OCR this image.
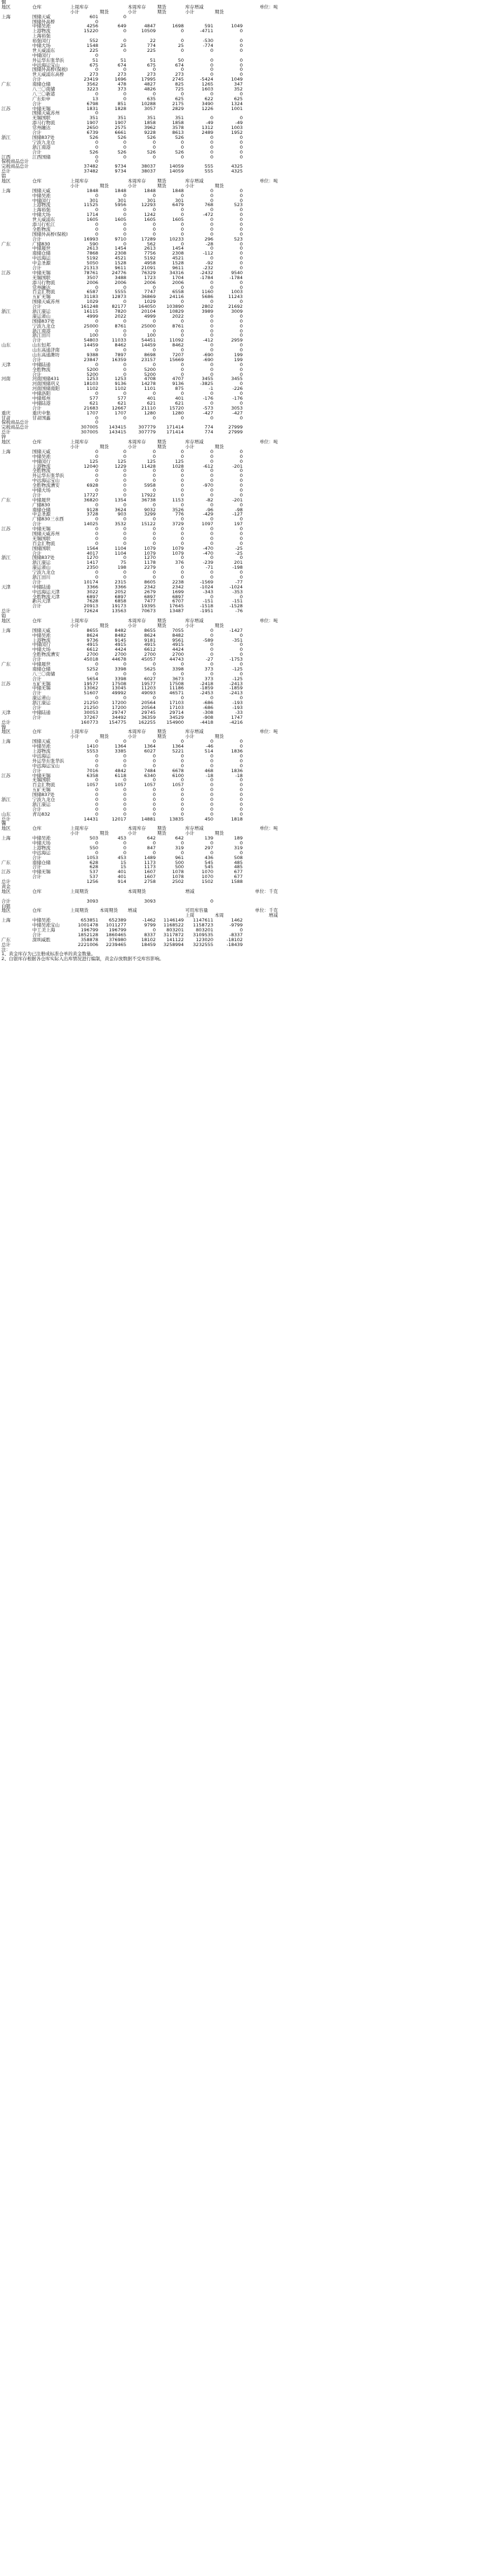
铜
地区	仓库	上周库存	本周库存	期货	库存增减	单位：吨
小计	期货	小计	期货	小计	期货
上海	国储天威	601	0
国储外高桥	0
中储吴淞	4256	649	4847	1698	591	1049
上港物流	15220	0	10509	0	-4711	0
上海裕强
裕强闵行	552	0	22	0	-530	0
中储大场	1548	25	774	25	-774	0
世天威浦东	225	0	225	0	0	0
中储闵行	0
外运华东张华浜	51	51	51	50	0	0
中远海运宝山	675	674	675	674	0	0
国储外高桥(保税)	0	0	0	0	0	0
世天威浦东高桥	273	273	273	273	0	0
合计	23419	1696	17995	2745	-5424	1049
广东	南储仓储	3562	478	4827	825	1265	347
八三〇南储	3223	373	4826	725	1603	352
八三〇新港	0	0	0	0	0	0
广东炬申	13	0	635	625	622	625
合计	6798	851	10288	2175	3490	1324
江苏	中储无锡	1831	1828	3057	2829	1226	1001
国储天威苏州	0
无锡国联	351	351	351	351	0	0
添马行物流	1907	1907	1858	1858	-49	-49
常州融达	2650	2575	3962	3578	1312	1003
合计	6739	6661	9228	8613	2489	1952
浙江	国储837处	526	526	526	526	0	0
宁波九龙仓	0	0	0	0	0	0
浙江南港	0	0	0	0	0	0
合计	526	526	526	526	0	0
江西	江西国储	0	0	0	0	0	0
保税商品总计	0
完税商品总计	37482	9734	38037	14059	555	4325
总计	37482	9734	38037	14059	555	4325
铝
地区	仓库	上周库存	本周库存	期货	库存增减	单位：吨
小计	期货	小计	期货	小计	期货
上海	国储天威	1848	1848	1848	1848	0	0
中储吴淞	0	0	0	0	0	0
中储闵行	301	301	301	301	0	0
上港物流	11525	5956	12293	6479	768	523
上海裕强	0	0	0	0	0	0
中储大场	1714	0	1242	0	-472	0
世天威浦东	1605	1605	1605	1605	0	0
添马行松江	0	0	0	0	0	0
全胜物流	0	0	0	0	0	0
国储外高桥(保税)	0	0	0	0	0	0
合计	16993	9710	17289	10233	296	523
广东	广储830	590	0	562	0	-28	0
中储晟世	2613	1454	2613	1454	0	0
南储仓储	7868	2308	7756	2308	-112	0
中远海运	5192	4521	5192	4521	0	0
中金圣源	5050	1528	4958	1528	-92	0
合计	21313	9611	21091	9611	-232	0
江苏	中储无锡	78761	24776	76329	34316	-2432	9540
无锡国联	3507	3488	1723	1704	-1784	-1784
添马行物流	2006	2006	2006	2006	0	0
常州融达	0	0	0	0	0	0
百金汇物流	6587	5555	7747	6558	1160	1003
五矿无锡	31183	12873	36869	24116	5686	11243
国储天威苏州	1029	0	1029	0	0	0
合计	161248	82177	164050	103890	2802	21692
浙江	浙江康运	16115	7820	20104	10829	3989	3009
康运萧山	4999	2022	4999	2022	0	0
国储837处	0	0	0	0	0	0
宁波九龙仓	25000	8761	25000	8761	0	0
浙江南港	0	0	0	0	0	0
浙江田川	100	0	100	0	0	0
合计	54803	11033	54451	11092	-412	2959
山东	山东恒邦	14459	8462	14459	8462	0	0
山东高通济南	0	0	0	0	0	0
山东高通潍坊	9388	7897	8698	7207	-690	199
合计	23847	16359	23157	15669	-690	199
天津	中储陆通	0	0	0	0	0	0
全胜物流	5200	0	5200	0	0	0
合计	5200	0	5200	0	0	0
河南	河南国储431	1253	1253	4708	4707	3455	3455
河南国储巩义	18103	9136	14278	9136	-3825	0
河南国储南阳	1102	1102	1101	875	-1	-226
中储洛阳	0	0	0	0	0	0
中储郑州	577	577	401	401	-176	-176
中储陆港	621	621	621	621	0	0
合计	21683	12667	21110	15720	-573	3053
重庆	重庆中集	1707	1707	1280	1280	-427	-427
甘肃	甘肃国鑫	0	0	0	0	0	0
保税商品总计	0
完税商品总计	307005	143415	307779	171414	774	27999
总计	307005	143415	307779	171414	774	27999
锌
地区	仓库	上周库存	本周库存	期货	库存增减	单位：吨
小计	期货	小计	期货	小计	期货
上海	国储天威	0	0	0	0	0	0
中储吴淞	0	0	0	0	0	0
中储闵行	125	125	125	125	0	0
上港物流	12040	1229	11428	1028	-612	-201
全胜物流	0	0	0	0	0	0
外运华东张华浜	0	0	0	0	0	0
中远海运宝山	0	0	0	0	0	0
全胜物流漕安	6928	0	5958	0	-970	0
中储大场	0	0	0	0	0	0
合计	17727	0	17922	0	0	0
广东	中储晟世	36820	1354	36738	1153	-82	-201
广储830	0	0	0	0	0	0
南储仓储	9128	3624	9032	3526	-96	-98
中金圣源	3728	903	3299	776	-429	-127
广储830三水西	0	0	0	0	0	0
合计	14025	3532	15122	3729	1097	197
江苏	中储无锡	0	0	0	0	0	0
国储天威苏州	0	0	0	0	0	0
无锡国联	0	0	0	0	0	0
百金汇物流	0	0	0	0	0	0
国储国联	1564	1104	1079	1079	-470	-25
合计	4017	1104	1079	1079	-470	-25
浙江	国储837处	1270	0	1270	0	0	0
浙江康运	1417	75	1178	376	-239	201
康运萧山	2350	198	2279	0	-71	-198
宁波九龙仓	0	0	0	0	0	0
浙江田川	0	0	0	0	0	0
合计	10174	2315	8605	2238	-1569	-77
天津	中储陆通	3366	3366	2342	2342	-1024	-1024
中远海运天津	3022	2052	2679	1699	-343	-353
全胜物流天津	6897	6897	6897	6897	0	0
新兴天津	7628	6858	7477	6707	-151	-151
合计	20913	19173	19395	17645	-1518	-1528
总计	72624	13563	70673	13487	-1951	-76
铅
地区	仓库	上周库存	本周库存	期货	库存增减	单位：吨
小计	期货	小计	期货	小计	期货
上海	国储天威	8655	8482	8655	7055	0	-1427
中储吴淞	8624	8482	8624	8482	0	0
上港物流	9736	9145	9181	9561	-589	-351
中储闵行	4915	4915	4915	4915	0	0
中储大场	6612	4424	6612	4424	0	0
全胜物流漕安	2700	2700	2700	2700	0	0
合计	45018	44678	45057	44743	-27	-1753
广东	中储晟世	0	0	0	0	0	0
南储仓储	5252	3398	5625	3398	373	-125
八三〇南储	0	0	0	0	0	0
合计	5654	3398	6027	3673	373	-125
江苏	五矿无锡	19577	17508	19577	17508	-2418	-2413
中储无锡	13062	13045	11203	11186	-1859	-1859
合计	51607	49992	49093	46571	-2453	-2413
康运萧山	0	0	0	0	0	0
浙江康运	21250	17200	20564	17103	-686	-193
合计	21250	17200	20564	17103	-686	-193
天津	中储陆通	30053	29747	29745	29714	-308	-33
合计	37267	34492	36359	34529	-908	1747
总计	160773	154775	162255	154900	-4418	-4216
镍
地区	仓库	上周库存	本周库存	期货	库存增减	单位：吨
小计	期货	小计	期货	小计	期货
上海	国储天威	0	0	0	0	0	0
中储吴淞	1410	1364	1364	1364	-46	0
上港物流	5553	3385	6027	5221	514	1836
中远海运	0	0	0	0	0	0
外运华东张华浜	0	0	0	0	0	0
中远海运宝山	0	0	0	0	0	0
合计	7016	4842	7484	6678	468	1836
江苏	中储无锡	6358	6118	6340	6100	-18	-18
无锡国联	0	0	0	0	0	0
百金汇物流	1057	1057	1057	1057	0	0
五矿无锡	0	0	0	0	0	0
国储837处	0	0	0	0	0	0
浙江	宁波九龙仓	0	0	0	0	0	0
浙江康运	0	0	0	0	0	0
合计	0	0	0	0	0	0
山东	青岛832	0	0	0	0	0	0
总计	14431	12017	14881	13835	450	1818
锡
地区	仓库	上周库存	本周库存	期货	库存增减	单位：吨
小计	期货	小计	期货	小计	期货
上海	中储吴淞	503	453	642	642	139	189
中储大场	0	0	0	0	0	0
上港物流	550	0	847	319	297	319
中远海运	0	0	0	0	0	0
合计	1053	453	1489	961	436	508
广东	南储仓储	628	15	1173	500	545	485
合计	628	15	1173	500	545	485
江苏	中储无锡	537	401	1607	1078	1070	677
合计	537	401	1607	1078	1070	677
总计	1256	914	2758	2502	1502	1588
黄金
地区	仓库	上周期货	本周期货	增减	单位：千克
合计	3093	3093	0
白银
地区	仓库	上周期货	本周期货	增减	可用库容量	单位：千克
上周	本周	增减
上海	中储吴淞	653851	652389	-1462	1146149	1147611	1462
中储吴淞宝山	1001478	1011277	9799	1168522	1158723	-9799
中工美上海	196799	196799	0	803201	803201	0
合计	1852128	1860465	8337	3117872	3109535	-8337
广东	深圳威胜	358878	376980	18102	141122	123020	-18102
总计	2221006	2239465	18459	3258994	3232555	-18439
注：
1、黄金库存为已注册成标准仓单的黄金数量。
2、白银库存根据各仓库实际入出库情况进行编制，黄金存放数据不受库容影响。
